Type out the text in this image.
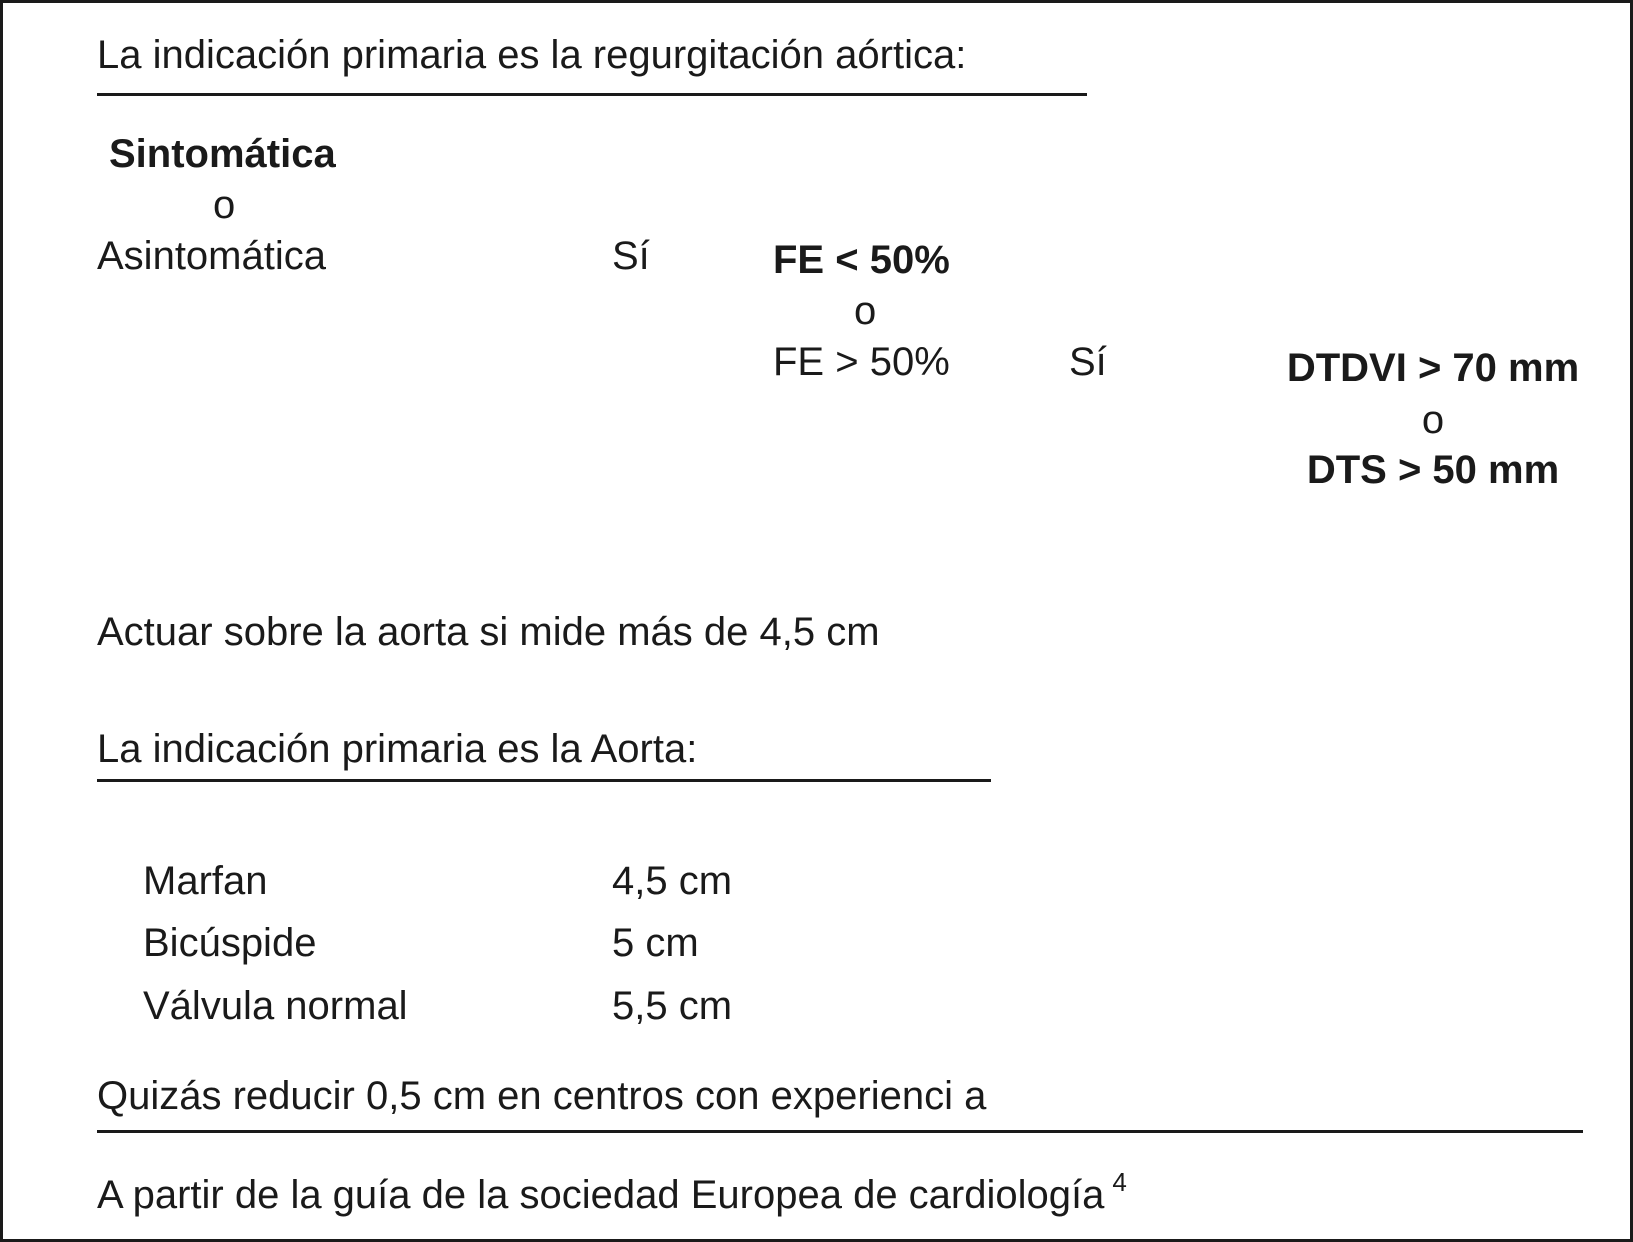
La indicación primaria es la regurgitación aórtica:
Sintomática
o
Asintomática	Sí	FE < 50%
o
FE > 50%	Sí	DTDVI > 70 mm
o
DTS > 50 mm
Actuar sobre la aorta si mide más de 4,5 cm
La indicación primaria es la Aorta:
Marfan	4,5 cm
Bicúspide	5 cm
Válvula normal	5,5 cm
Quizás reducir 0,5 cm en centros con experienci a
A partir de la guía de la sociedad Europea de cardiología $^4$
